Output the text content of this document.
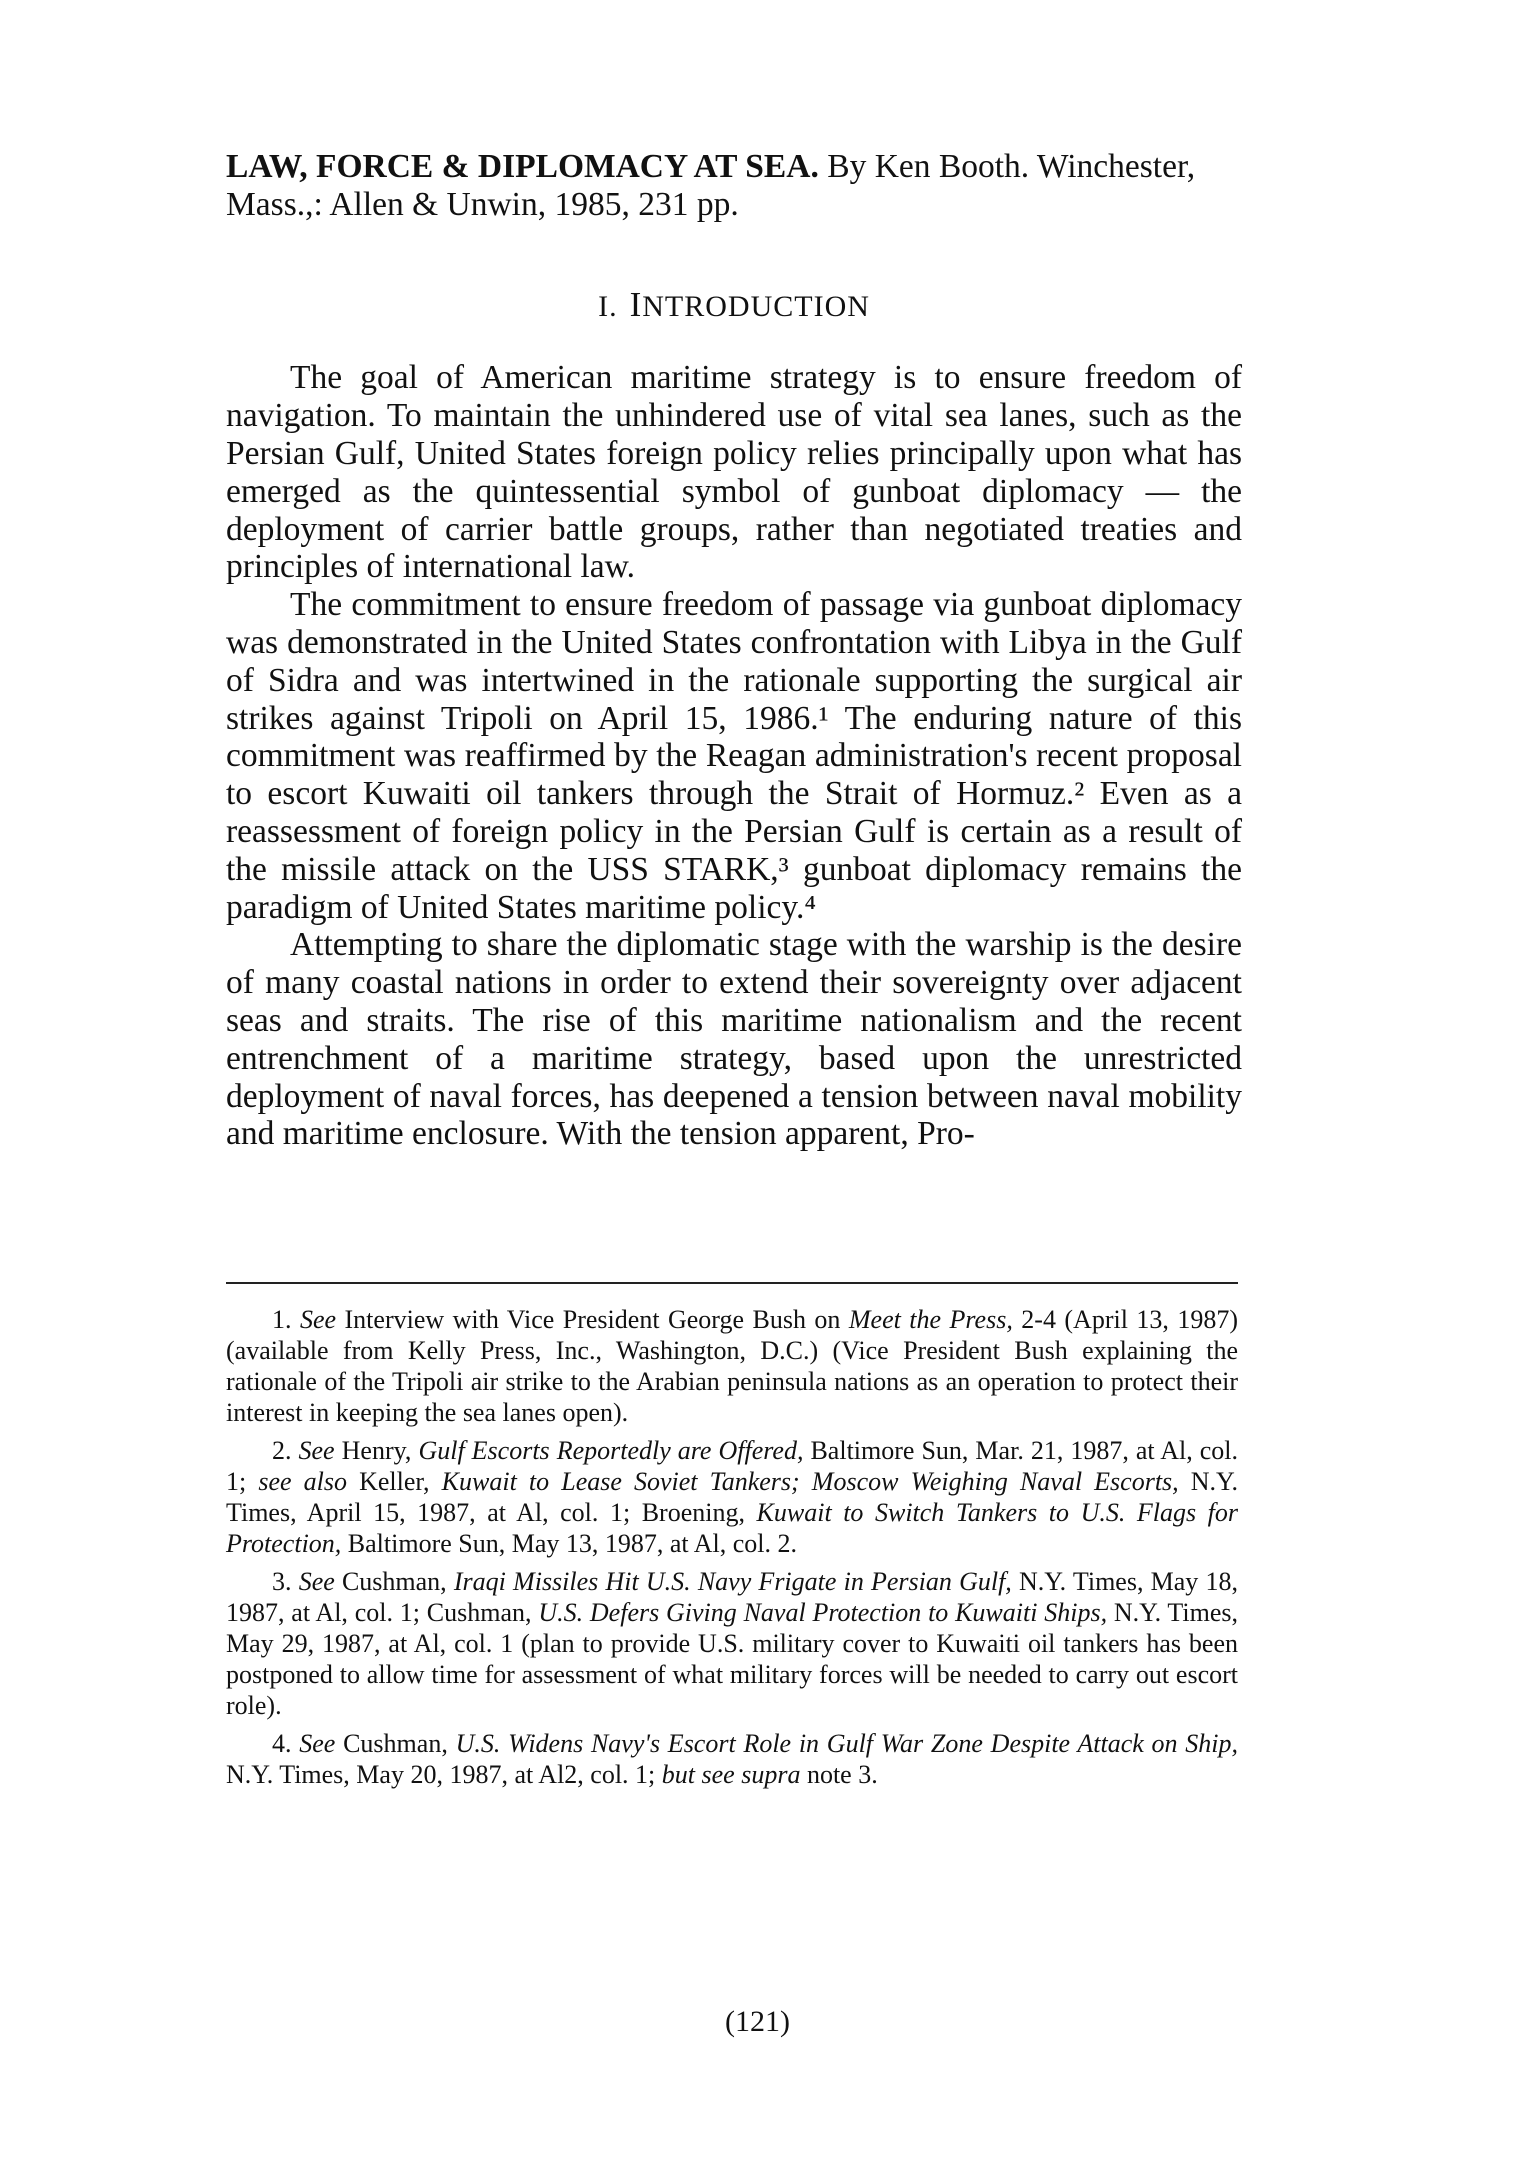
LAW, FORCE & DIPLOMACY AT SEA. By Ken Booth. Winchester, Mass.,: Allen & Unwin, 1985, 231 pp.

I. INTRODUCTION

The goal of American maritime strategy is to ensure freedom of navigation. To maintain the unhindered use of vital sea lanes, such as the Persian Gulf, United States foreign policy relies principally upon what has emerged as the quintessential symbol of gunboat diplomacy — the deployment of carrier battle groups, rather than negotiated treaties and principles of international law.

The commitment to ensure freedom of passage via gunboat diplomacy was demonstrated in the United States confrontation with Libya in the Gulf of Sidra and was intertwined in the rationale supporting the surgical air strikes against Tripoli on April 15, 1986.¹ The enduring nature of this commitment was reaffirmed by the Reagan administration's recent proposal to escort Kuwaiti oil tankers through the Strait of Hormuz.² Even as a reassessment of foreign policy in the Persian Gulf is certain as a result of the missile attack on the USS STARK,³ gunboat diplomacy remains the paradigm of United States maritime policy.⁴

Attempting to share the diplomatic stage with the warship is the desire of many coastal nations in order to extend their sovereignty over adjacent seas and straits. The rise of this maritime nationalism and the recent entrenchment of a maritime strategy, based upon the unrestricted deployment of naval forces, has deepened a tension between naval mobility and maritime enclosure. With the tension apparent, Pro-

1. See Interview with Vice President George Bush on Meet the Press, 2-4 (April 13, 1987) (available from Kelly Press, Inc., Washington, D.C.) (Vice President Bush explaining the rationale of the Tripoli air strike to the Arabian peninsula nations as an operation to protect their interest in keeping the sea lanes open).

2. See Henry, Gulf Escorts Reportedly are Offered, Baltimore Sun, Mar. 21, 1987, at Al, col. 1; see also Keller, Kuwait to Lease Soviet Tankers; Moscow Weighing Naval Escorts, N.Y. Times, April 15, 1987, at Al, col. 1; Broening, Kuwait to Switch Tankers to U.S. Flags for Protection, Baltimore Sun, May 13, 1987, at Al, col. 2.

3. See Cushman, Iraqi Missiles Hit U.S. Navy Frigate in Persian Gulf, N.Y. Times, May 18, 1987, at Al, col. 1; Cushman, U.S. Defers Giving Naval Protection to Kuwaiti Ships, N.Y. Times, May 29, 1987, at Al, col. 1 (plan to provide U.S. military cover to Kuwaiti oil tankers has been postponed to allow time for assessment of what military forces will be needed to carry out escort role).

4. See Cushman, U.S. Widens Navy's Escort Role in Gulf War Zone Despite Attack on Ship, N.Y. Times, May 20, 1987, at Al2, col. 1; but see supra note 3.

(121)
